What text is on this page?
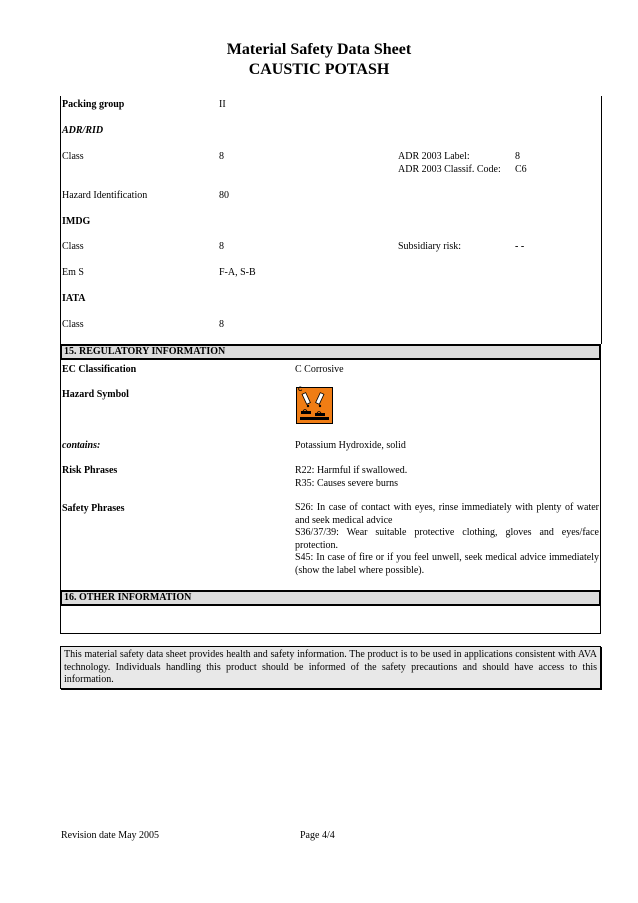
Material Safety Data Sheet
CAUSTIC POTASH
Packing group	II
ADR/RID
Class	8	ADR 2003 Label:	8
ADR 2003 Classif. Code: C6
Hazard Identification	80
IMDG
Class	8	Subsidiary risk:	- -
Em S	F-A, S-B
IATA
Class	8
15. REGULATORY INFORMATION
EC Classification	C Corrosive
Hazard Symbol	C
contains:	Potassium Hydroxide, solid
Risk Phrases	R22: Harmful if swallowed.
R35: Causes severe burns
Safety Phrases	S26: In case of contact with eyes, rinse immediately with plenty of water and seek medical advice
S36/37/39: Wear suitable protective clothing, gloves and eyes/face protection.
S45: In case of fire or if you feel unwell, seek medical advice immediately (show the label where possible).
16. OTHER INFORMATION
This material safety data sheet provides health and safety information. The product is to be used in applications consistent with AVA technology. Individuals handling this product should be informed of the safety precautions and should have access to this information.
Revision date May 2005	Page 4/4
